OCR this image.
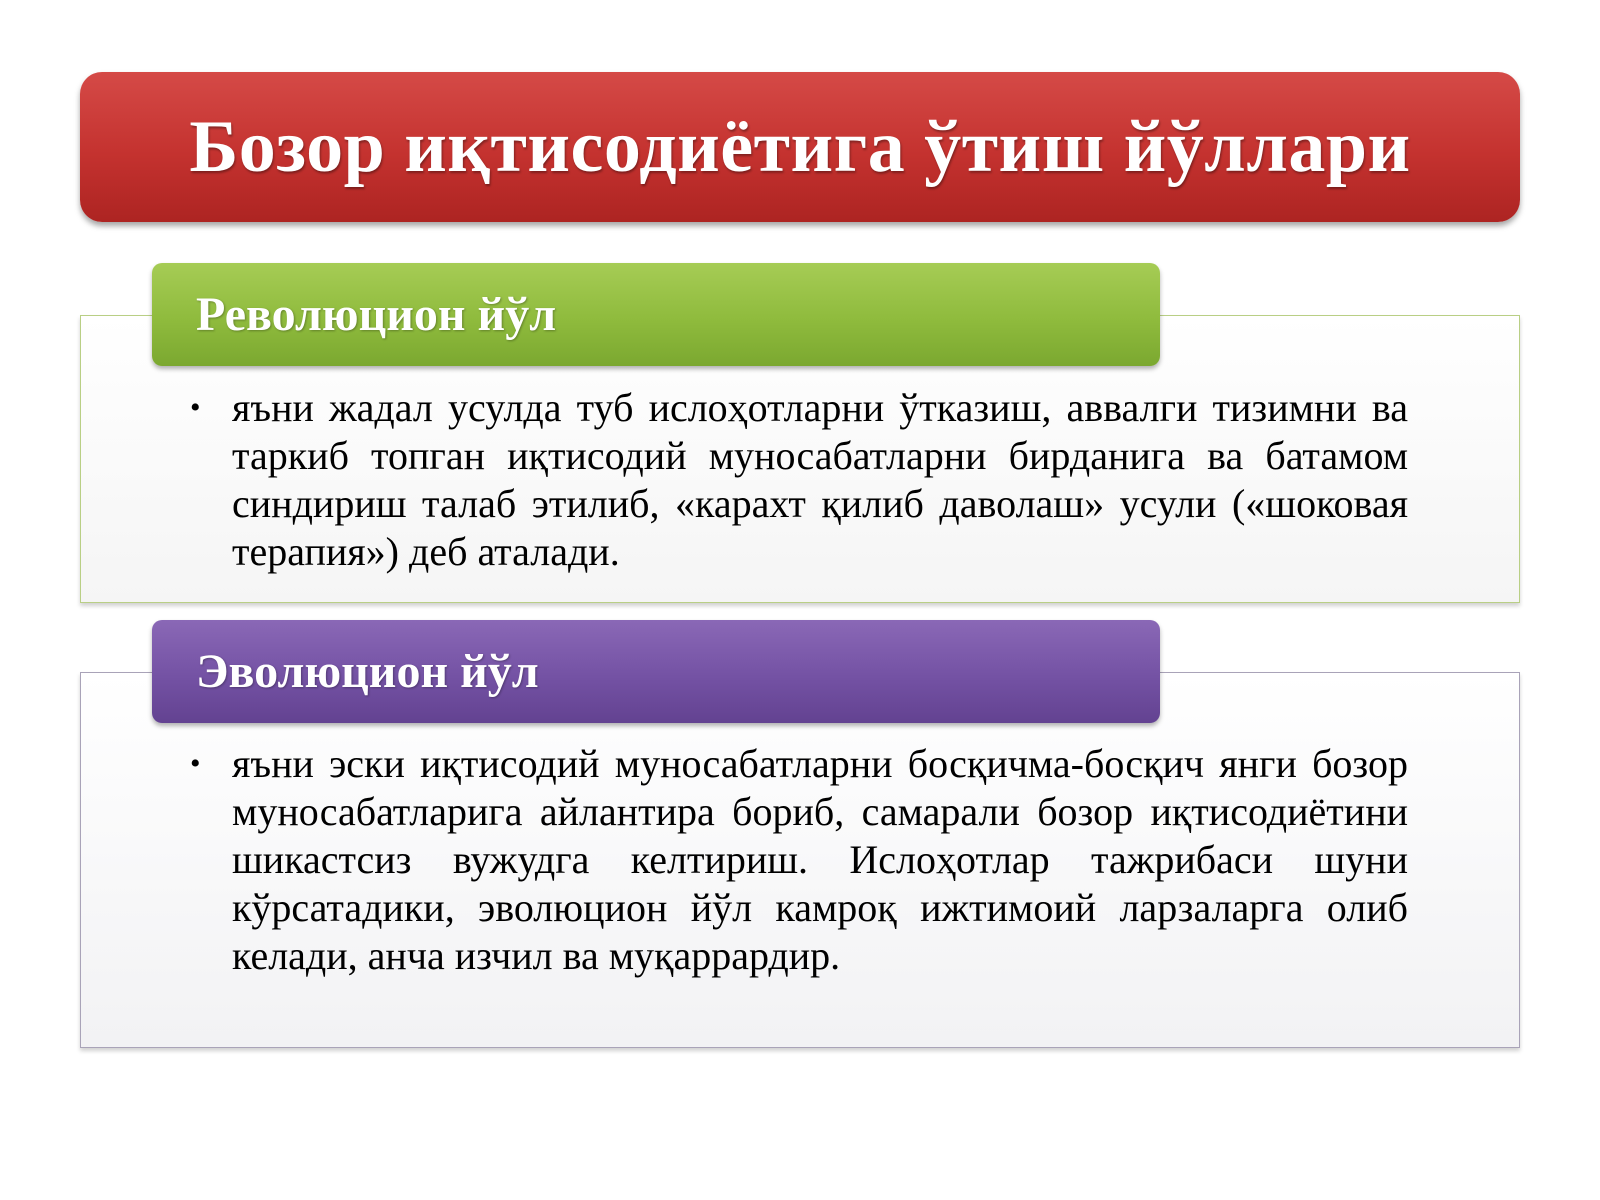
Бозор иқтисодиётига ўтиш йўллари
Революцион йўл
• яъни жадал усулда туб ислоҳотларни ўтказиш, аввалги тизимни ва таркиб топган иқтисодий муносабатларни бирданига ва батамом синдириш талаб этилиб, «карахт қилиб даволаш» усули («шоковая терапия») деб аталади.
Эволюцион йўл
• яъни эски иқтисодий муносабатларни босқичма-босқич янги бозор муносабатларига айлантира бориб, самарали бозор иқтисодиётини шикастсиз вужудга келтириш. Ислоҳотлар тажрибаси шуни кўрсатадики, эволюцион йўл камроқ ижтимоий ларзаларга олиб келади, анча изчил ва муқаррардир.
